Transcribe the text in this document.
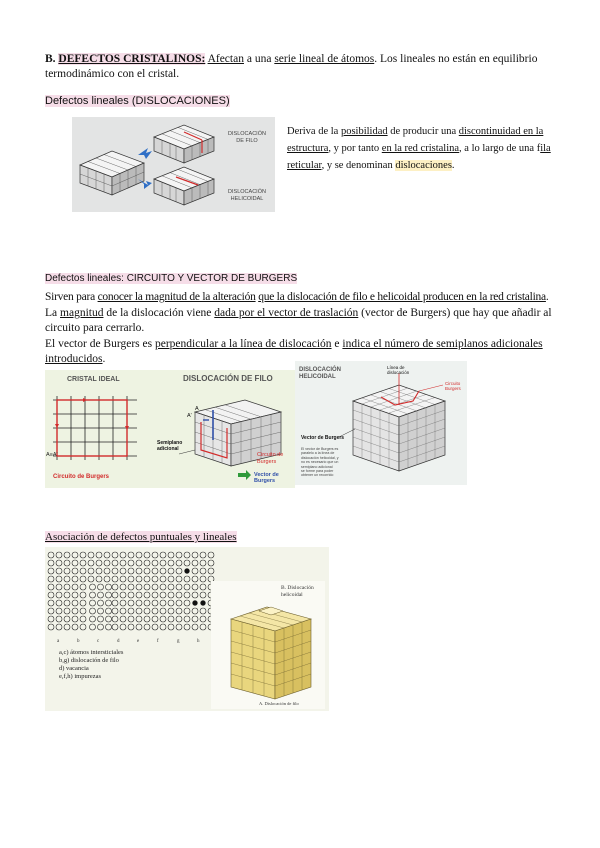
B. DEFECTOS CRISTALINOS: Afectan a una serie lineal de átomos. Los lineales no están en equilibrio
termodinámico con el cristal.
Defectos lineales (DISLOCACIONES)
DISLOCACIÓN
DE FILO
DISLOCACIÓN
HELICOIDAL
Deriva de la posibilidad de producir una discontinuidad en la estructura, y por tanto en la red cristalina, a lo largo de una fila reticular, y se denominan dislocaciones.
Defectos lineales: CIRCUITO Y VECTOR DE BURGERS
Sirven para conocer la magnitud de la alteración que la dislocación de filo e helicoidal producen en la red cristalina.
La magnitud de la dislocación viene dada por el vector de traslación (vector de Burgers) que hay que añadir al
circuito para cerrarlo.
El vector de Burgers es perpendicular a la línea de dislocación e indica el número de semiplanos adicionales
introducidos.
CRISTAL IDEAL	DISLOCACIÓN DE FILO
A≡A'
Circuito de Burgers
A'
A
Semiplano
adicional
Circuito de
Burgers
Vector de Burgers
DISLOCACIÓN
HELICOIDAL
Línea de
dislocación
Circuito
Burgers
Vector de Burgers
El vector de Burgers es
paralelo a la línea de
dislocación helicoidal, y
no es necesario que un
semiplano adicional
se forme para poder
obtener un recorrido
Asociación de defectos puntuales y lineales
a,c) átomos intersticiales
b,g) dislocación de filo
d) vacancia
e,f,h) impurezas
a	b	c	d	e	f	g	h
B. Dislocación
helicoidal
A. Dislocación de filo
